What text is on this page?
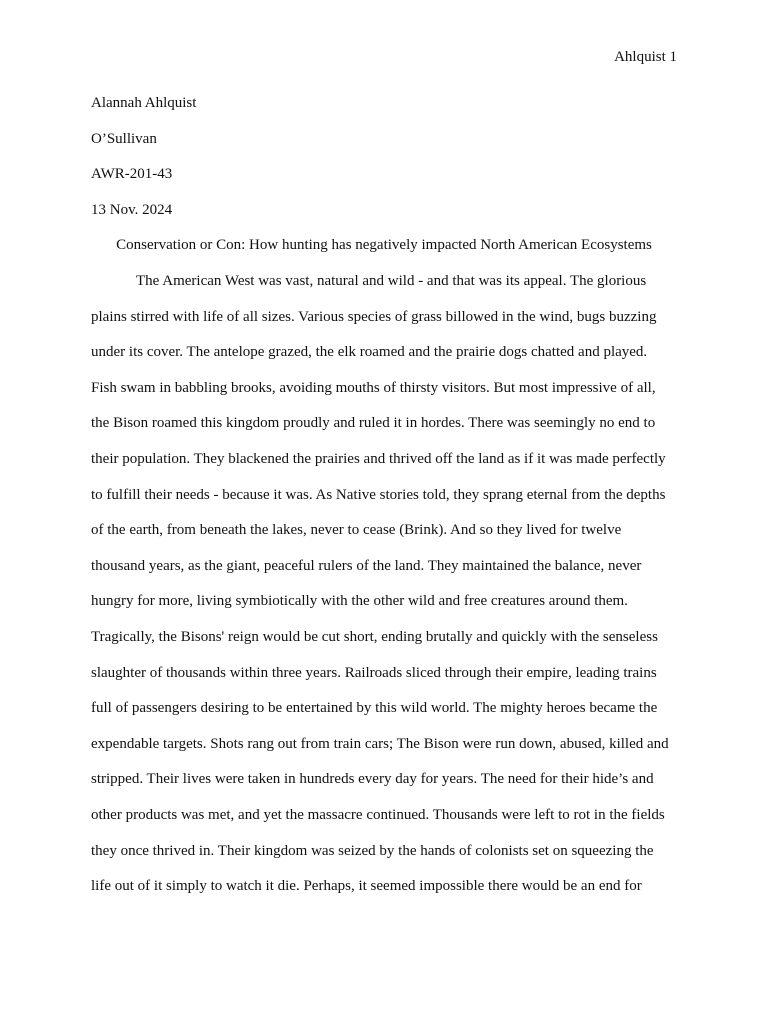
Ahlquist 1
Alannah Ahlquist
O’Sullivan
AWR-201-43
13 Nov. 2024
Conservation or Con: How hunting has negatively impacted North American Ecosystems
The American West was vast, natural and wild - and that was its appeal. The glorious
plains stirred with life of all sizes. Various species of grass billowed in the wind, bugs buzzing
under its cover. The antelope grazed, the elk roamed and the prairie dogs chatted and played.
Fish swam in babbling brooks, avoiding mouths of thirsty visitors. But most impressive of all,
the Bison roamed this kingdom proudly and ruled it in hordes. There was seemingly no end to
their population. They blackened the prairies and thrived off the land as if it was made perfectly
to fulfill their needs - because it was. As Native stories told, they sprang eternal from the depths
of the earth, from beneath the lakes, never to cease (Brink). And so they lived for twelve
thousand years, as the giant, peaceful rulers of the land. They maintained the balance, never
hungry for more, living symbiotically with the other wild and free creatures around them.
Tragically, the Bisons' reign would be cut short, ending brutally and quickly with the senseless
slaughter of thousands within three years. Railroads sliced through their empire, leading trains
full of passengers desiring to be entertained by this wild world. The mighty heroes became the
expendable targets. Shots rang out from train cars; The Bison were run down, abused, killed and
stripped. Their lives were taken in hundreds every day for years. The need for their hide’s and
other products was met, and yet the massacre continued. Thousands were left to rot in the fields
they once thrived in. Their kingdom was seized by the hands of colonists set on squeezing the
life out of it simply to watch it die. Perhaps, it seemed impossible there would be an end for
